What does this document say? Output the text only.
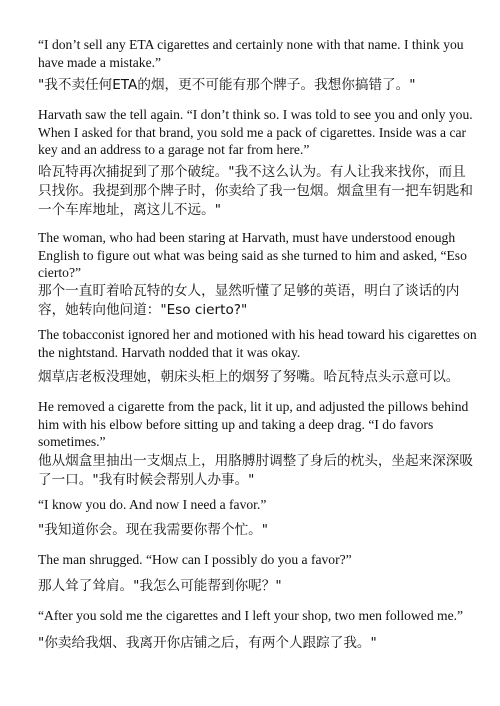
“I don’t sell any ETA cigarettes and certainly none with that name. I think you have made a mistake.”

"我不卖任何ETA的烟，更不可能有那个牌子。我想你搞错了。"

Harvath saw the tell again. “I don’t think so. I was told to see you and only you. When I asked for that brand, you sold me a pack of cigarettes. Inside was a car key and an address to a garage not far from here.”

哈瓦特再次捕捉到了那个破绽。"我不这么认为。有人让我来找你，而且只找你。我提到那个牌子时，你卖给了我一包烟。烟盒里有一把车钥匙和一个车库地址，离这儿不远。"

The woman, who had been staring at Harvath, must have understood enough English to figure out what was being said as she turned to him and asked, “Eso cierto?”

那个一直盯着哈瓦特的女人，显然听懂了足够的英语，明白了谈话的内容，她转向他问道："Eso cierto?"

The tobacconist ignored her and motioned with his head toward his cigarettes on the nightstand. Harvath nodded that it was okay.

烟草店老板没理她，朝床头柜上的烟努了努嘴。哈瓦特点头示意可以。

He removed a cigarette from the pack, lit it up, and adjusted the pillows behind him with his elbow before sitting up and taking a deep drag. “I do favors sometimes.”

他从烟盒里抽出一支烟点上，用胳膊肘调整了身后的枕头，坐起来深深吸了一口。"我有时候会帮别人办事。"

“I know you do. And now I need a favor.”

"我知道你会。现在我需要你帮个忙。"

The man shrugged. “How can I possibly do you a favor?”

那人耸了耸肩。"我怎么可能帮到你呢？"

“After you sold me the cigarettes and I left your shop, two men followed me.”

"你卖给我烟、我离开你店铺之后，有两个人跟踪了我。"
